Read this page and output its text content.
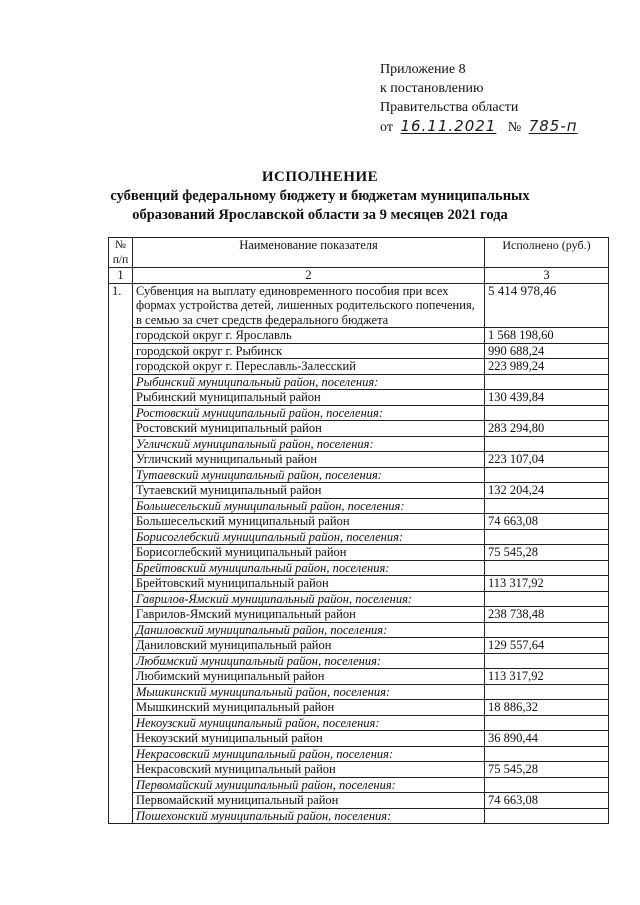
Приложение 8
к постановлению
Правительства области
от 16.11.2021 № 785-п
ИСПОЛНЕНИЕ
субвенций федеральному бюджету и бюджетам муниципальных
образований Ярославской области за 9 месяцев 2021 года
№ п/п	Наименование показателя	Исполнено (руб.)
1	2	3
1.	Субвенция на выплату единовременного пособия при всех формах устройства детей, лишенных родительского попечения, в семью за счет средств федерального бюджета	5 414 978,46
	городской округ г. Ярославль	1 568 198,60
	городской округ г. Рыбинск	990 688,24
	городской округ г. Переславль-Залесский	223 989,24
	Рыбинский муниципальный район, поселения:	
	Рыбинский муниципальный район	130 439,84
	Ростовский муниципальный район, поселения:	
	Ростовский муниципальный район	283 294,80
	Угличский муниципальный район, поселения:	
	Угличский муниципальный район	223 107,04
	Тутаевский муниципальный район, поселения:	
	Тутаевский муниципальный район	132 204,24
	Большесельский муниципальный район, поселения:	
	Большесельский муниципальный район	74 663,08
	Борисоглебский муниципальный район, поселения:	
	Борисоглебский муниципальный район	75 545,28
	Брейтовский муниципальный район, поселения:	
	Брейтовский муниципальный район	113 317,92
	Гаврилов-Ямский муниципальный район, поселения:	
	Гаврилов-Ямский муниципальный район	238 738,48
	Даниловский муниципальный район, поселения:	
	Даниловский муниципальный район	129 557,64
	Любимский муниципальный район, поселения:	
	Любимский муниципальный район	113 317,92
	Мышкинский муниципальный район, поселения:	
	Мышкинский муниципальный район	18 886,32
	Некоузский муниципальный район, поселения:	
	Некоузский муниципальный район	36 890,44
	Некрасовский муниципальный район, поселения:	
	Некрасовский муниципальный район	75 545,28
	Первомайский муниципальный район, поселения:	
	Первомайский муниципальный район	74 663,08
	Пошехонский муниципальный район, поселения:	
